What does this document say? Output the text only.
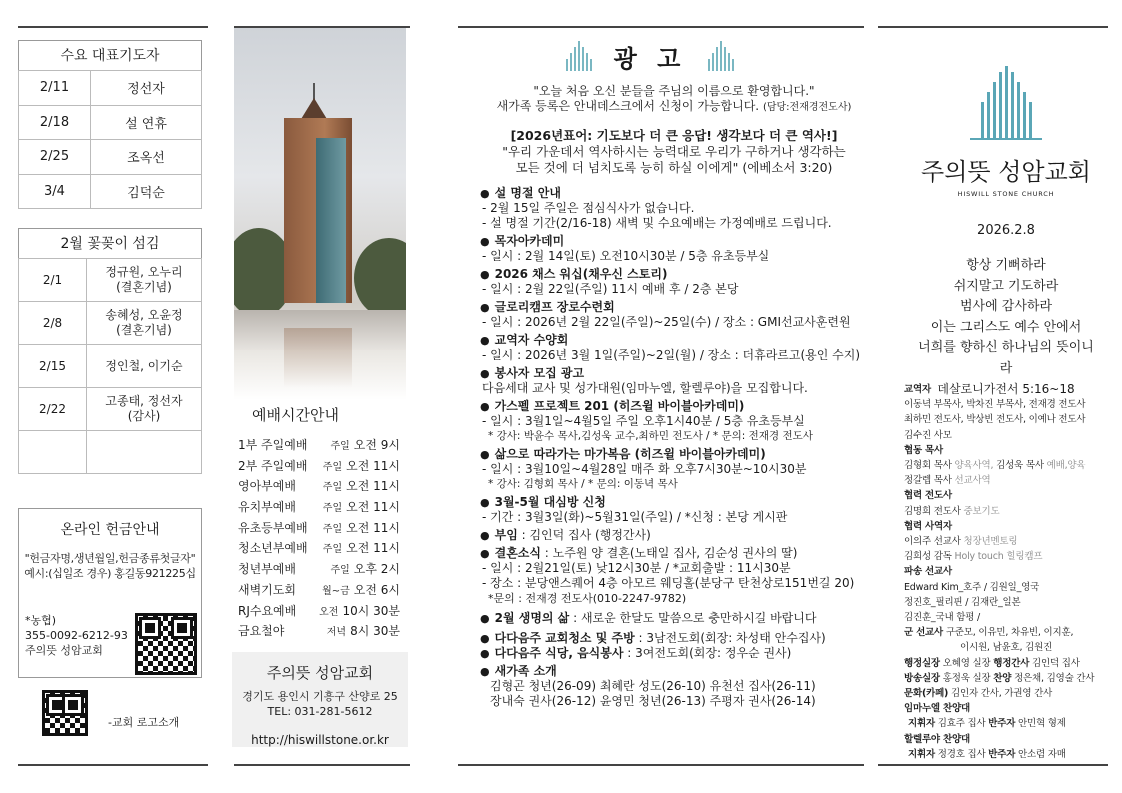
수요 대표기도자
2/11	정선자
2/18	설 연휴
2/25	조옥선
3/4	김덕순
2월 꽃꽂이 섬김
2/1	정규원, 오누리
(결혼기념)

2/8	송혜성, 오윤정
(결혼기념)

2/15	정인철, 이기순

2/22	고종태, 정선자
(감사)

온라인 헌금안내
"헌금자명,생년월일,헌금종류첫글자"
예시:(십일조 경우) 홍길동921225십
*농협)
355-0092-6212-93
주의뜻 성암교회
-교회 로고소개
예배시간안내
1부 주일예배 주일 오전 9시
2부 주일예배 주일 오전 11시
영아부예배	주일 오전 11시
유치부예배	주일 오전 11시
유초등부예배 주일 오전 11시
청소년부예배 주일 오전 11시
청년부예배	주일 오후 2시
새벽기도회	월~금 오전 6시
RJ수요예배 오전 10시 30분
금요철야	저녁 8시 30분
주의뜻 성암교회
경기도 용인시 기흥구 산양로 25
TEL: 031-281-5612
http://hiswillstone.or.kr
광 고
"오늘 처음 오신 분들을 주님의 이름으로 환영합니다."
새가족 등록은 안내데스크에서 신청이 가능합니다. (담당:전재경전도사)
[2026년표어: 기도보다 더 큰 응답! 생각보다 더 큰 역사!]
"우리 가운데서 역사하시는 능력대로 우리가 구하거나 생각하는
모든 것에 더 넘치도록 능히 하실 이에게" (에베소서 3:20)
● 설 명절 안내
- 2월 15일 주일은 점심식사가 없습니다.
- 설 명절 기간(2/16-18) 새벽 및 수요예배는 가정예배로 드립니다.
● 목자아카데미
- 일시 : 2월 14일(토) 오전10시30분 / 5층 유초등부실
● 2026 채스 워십(채우신 스토리)
- 일시 : 2월 22일(주일) 11시 예배 후 / 2층 본당
● 글로리캠프 장로수련회
- 일시 : 2026년 2월 22일(주일)~25일(수) / 장소 : GMI선교사훈련원
● 교역자 수양회
- 일시 : 2026년 3월 1일(주일)~2일(월) / 장소 : 더휴라르고(용인 수지)
● 봉사자 모집 광고
다음세대 교사 및 성가대원(임마누엘, 할렐루야)을 모집합니다.
● 가스펠 프로젝트 201 (히즈윌 바이블아카데미)
- 일시 : 3월1일~4월5일 주일 오후1시40분 / 5층 유초등부실
* 강사: 박윤수 목사,김성욱 교수,최하민 전도사 / * 문의: 전재경 전도사
● 삶으로 따라가는 마가복음 (히즈윌 바이블아카데미)
- 일시 : 3월10일~4월28일 매주 화 오후7시30분~10시30분
* 강사: 김형회 목사 / * 문의: 이동녁 목사
● 3월-5월 대심방 신청
- 기간 : 3월3일(화)~5월31일(주일) / *신청 : 본당 게시판
● 부임 : 김인덕 집사 (행정간사)
● 결혼소식 : 노주원 양 결혼(노태일 집사, 김순성 권사의 딸)
- 일시 : 2월21일(토) 낮12시30분 / *교회출발 : 11시30분
- 장소 : 분당앤스퀘어 4층 아모르 웨딩홀(분당구 탄천상로151번길 20)
*문의 : 전재경 전도사(010-2247-9782)
● 2월 생명의 삶 : 새로운 한달도 말씀으로 충만하시길 바랍니다
● 다다음주 교회청소 및 주방 : 3남전도회(회장: 차성태 안수집사)
● 다다음주 식당, 음식봉사 : 3여전도회(회장: 정우순 권사)
● 새가족 소개
김형곤 청년(26-09) 최혜란 성도(26-10) 유천선 집사(26-11)
장내숙 권사(26-12) 윤영민 청년(26-13) 주평자 권사(26-14)
주의뜻 성암교회
HISWILL STONE CHURCH
2026.2.8
항상 기뻐하라
쉬지말고 기도하라
범사에 감사하라
이는 그리스도 예수 안에서
너희를 향하신 하나님의 뜻이니라
데살로니가전서 5:16~18
교역자
이동녁 부목사, 박차진 부목사, 전재경 전도사
최하민 전도사, 박상빈 전도사, 이예나 전도사
김수진 사모
협동 목사
김형회 목사 양육사역, 김성욱 목사 예배,양육
정갈렙 목사 선교사역
협력 전도사
김명희 전도사 중보기도
협력 사역자
이의주 선교사 청장년멘토링
김희성 감독 Holy touch 힐링캠프
파송 선교사
Edward Kim_호주 / 김원일_영국
정진호_필리핀 / 김재란_일본
김진훈_국내 함평 /
군 선교사 구준모, 이유민, 차유빈, 이지훈,
이시원, 남윤호, 김원진
행정실장 오혜영 실장 행정간사 김인덕 집사
방송실장 홍정욱 실장 찬양 정은채, 김영술 간사
문화(카페) 김인자 간사, 가권영 간사
임마누엘 찬양대
지휘자 김효주 집사 반주자 안민혁 형제
할렐루야 찬양대
지휘자 정경호 집사 반주자 안소렴 자매
